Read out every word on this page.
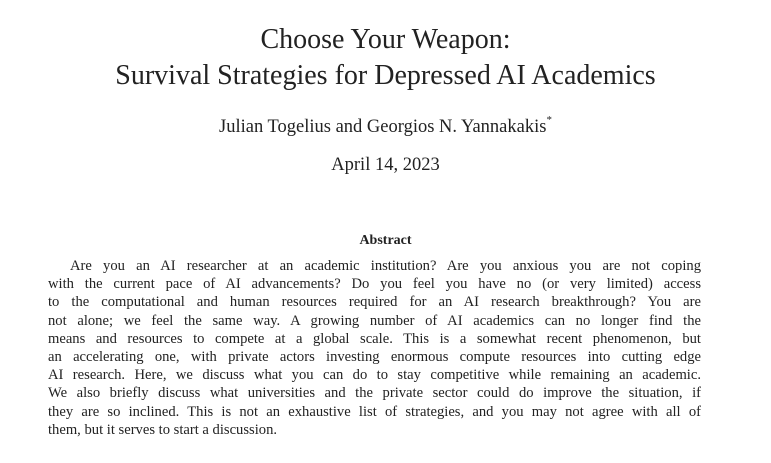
Choose Your Weapon:
Survival Strategies for Depressed AI Academics
Julian Togelius and Georgios N. Yannakakis*
April 14, 2023
Abstract
Are you an AI researcher at an academic institution? Are you anxious you are not coping
with the current pace of AI advancements? Do you feel you have no (or very limited) access
to the computational and human resources required for an AI research breakthrough? You are
not alone; we feel the same way. A growing number of AI academics can no longer find the
means and resources to compete at a global scale. This is a somewhat recent phenomenon, but
an accelerating one, with private actors investing enormous compute resources into cutting edge
AI research. Here, we discuss what you can do to stay competitive while remaining an academic.
We also briefly discuss what universities and the private sector could do improve the situation, if
they are so inclined. This is not an exhaustive list of strategies, and you may not agree with all of
them, but it serves to start a discussion.
